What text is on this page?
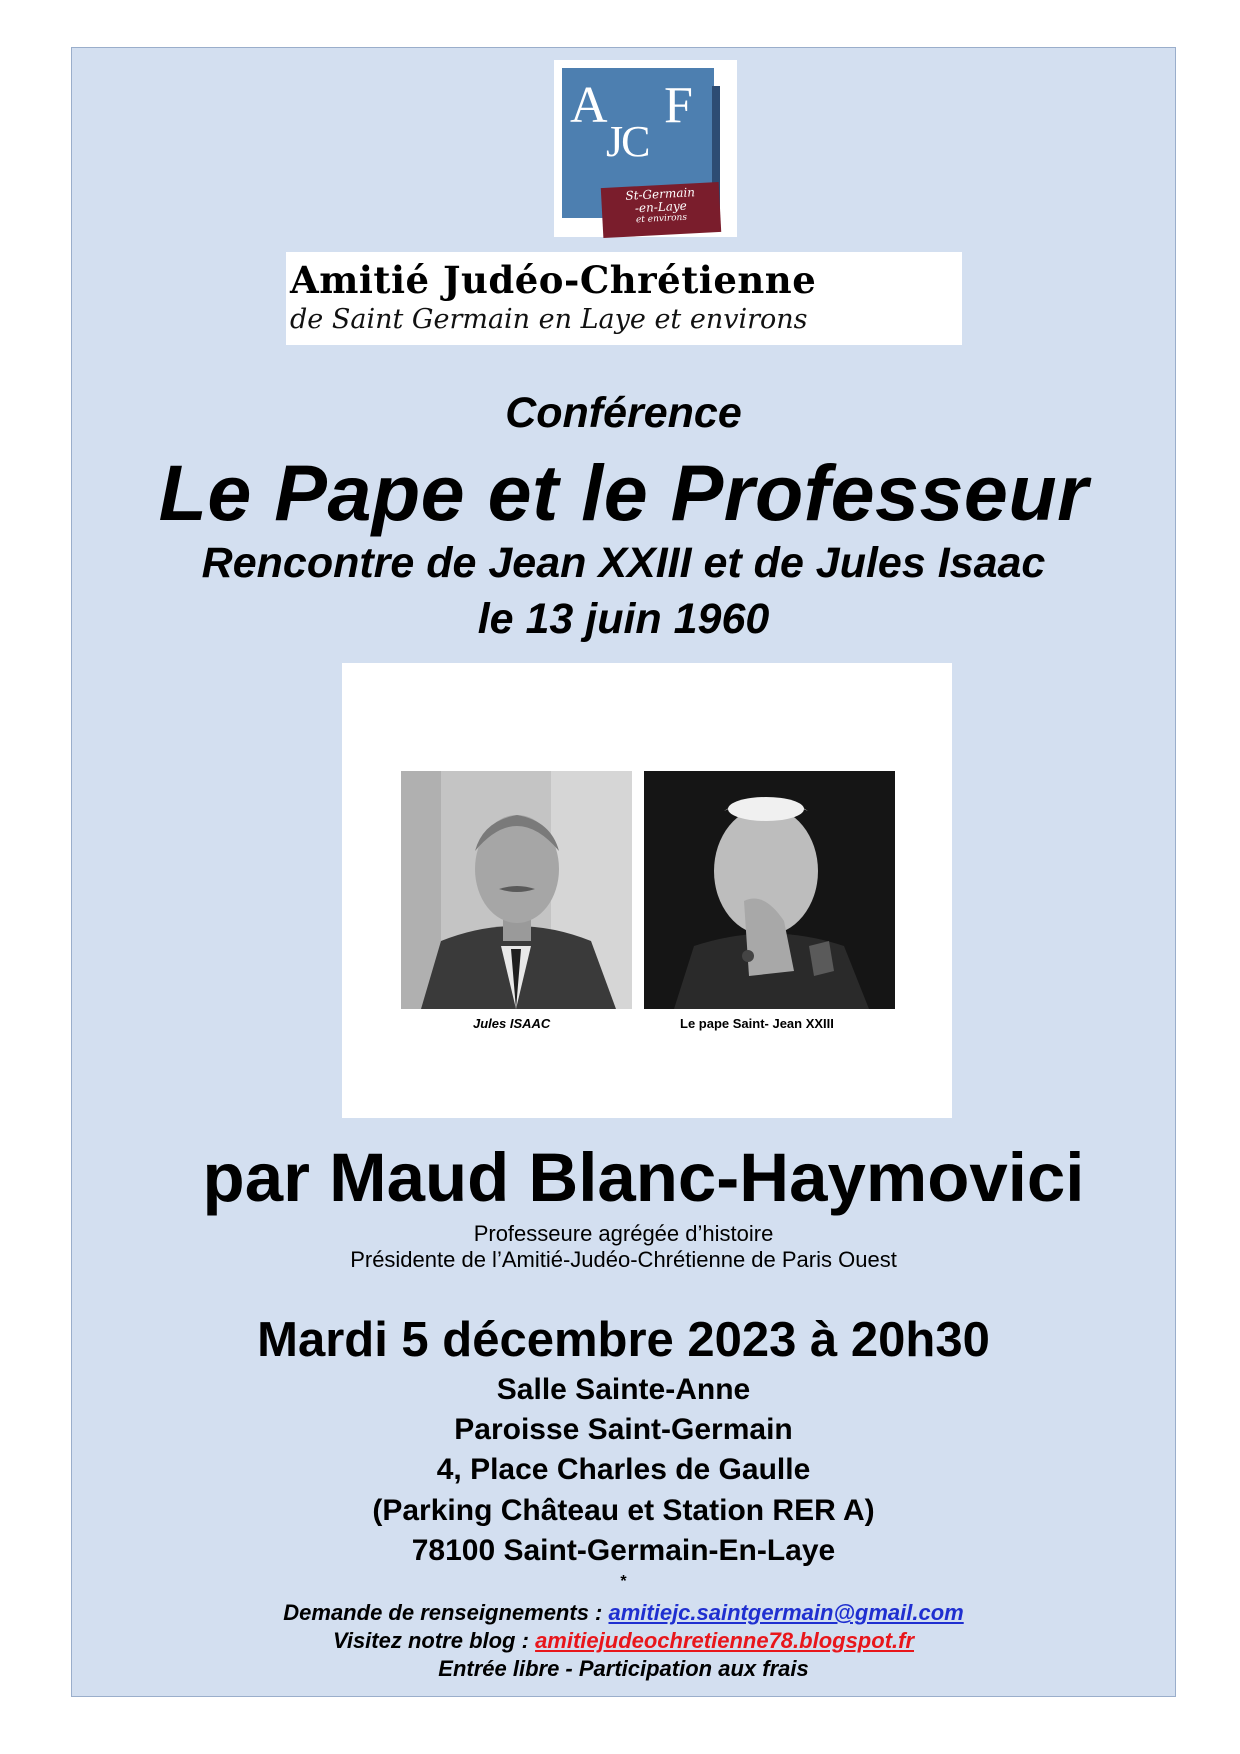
A
JC
F
St-Germain
-en-Laye
et environs
Amitié Judéo-Chrétienne
de Saint Germain en Laye et environs
Conférence
Le Pape et le Professeur
Rencontre de Jean XXIII et de Jules Isaac
le 13 juin 1960
Jules ISAAC	Le pape Saint- Jean XXIII
par Maud Blanc-Haymovici
Professeure agrégée d’histoire
Présidente de l’Amitié-Judéo-Chrétienne de Paris Ouest
Mardi 5 décembre 2023 à 20h30
Salle Sainte-Anne
Paroisse Saint-Germain
4, Place Charles de Gaulle
(Parking Château et Station RER A)
78100 Saint-Germain-En-Laye
*
Demande de renseignements : amitiejc.saintgermain@gmail.com
Visitez notre blog : amitiejudeochretienne78.blogspot.fr
Entrée libre - Participation aux frais
